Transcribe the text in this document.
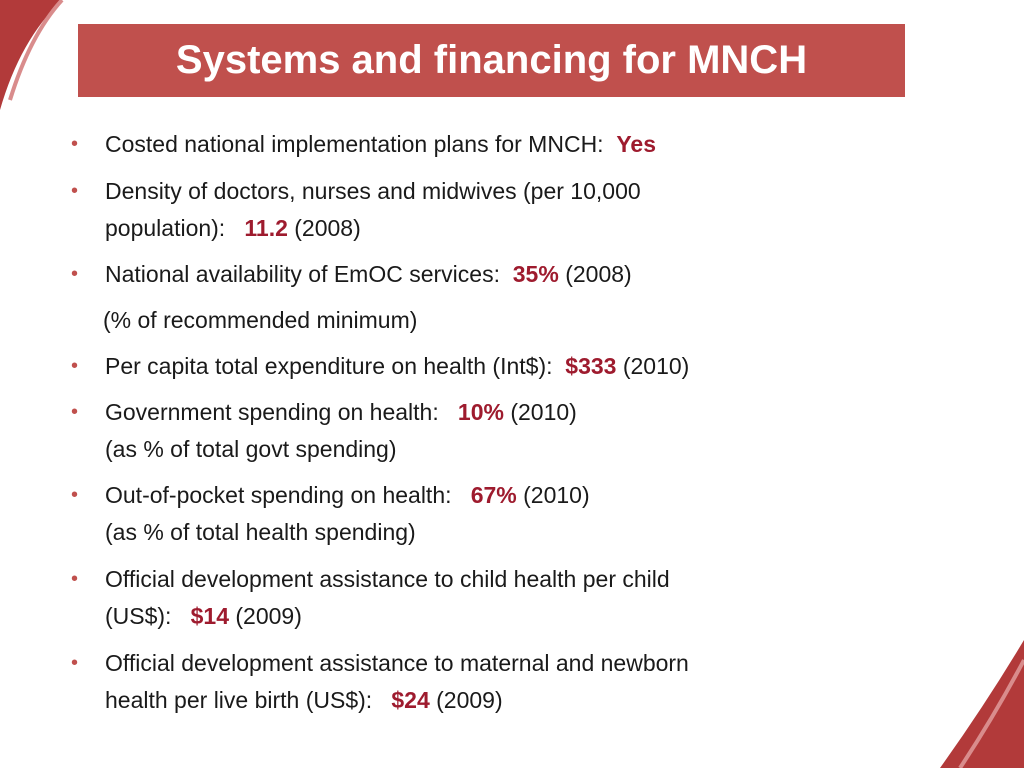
Systems and financing for MNCH
• Costed national implementation plans for MNCH: Yes
• Density of doctors, nurses and midwives (per 10,000
population): 11.2 (2008)
• National availability of EmOC services: 35% (2008)
(% of recommended minimum)
• Per capita total expenditure on health (Int$): $333 (2010)
• Government spending on health: 10% (2010)
(as % of total govt spending)
• Out-of-pocket spending on health: 67% (2010)
(as % of total health spending)
• Official development assistance to child health per child
(US$): $14 (2009)
• Official development assistance to maternal and newborn
health per live birth (US$): $24 (2009)
